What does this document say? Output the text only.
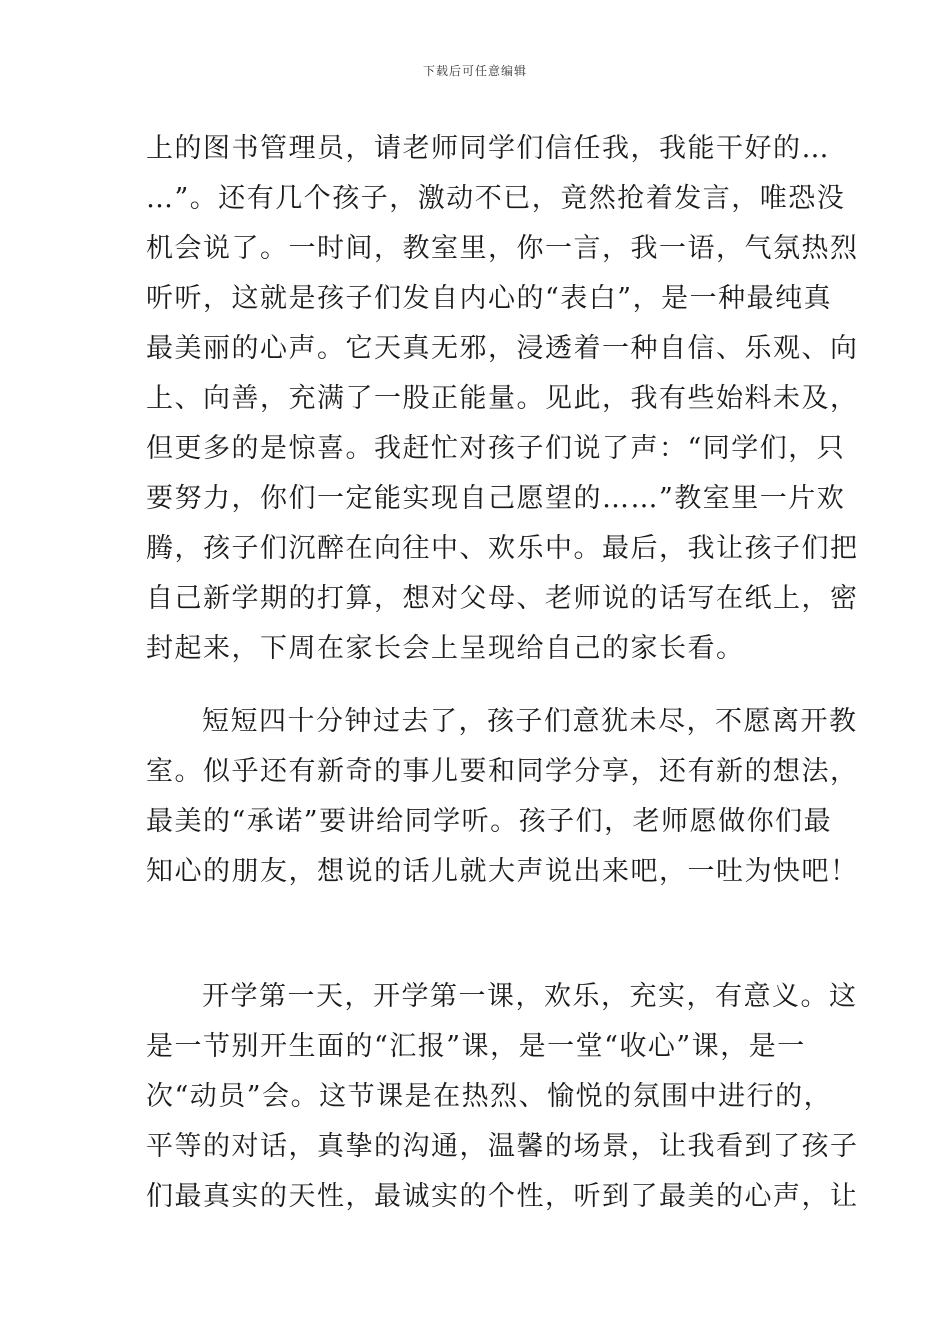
下载后可任意编辑
上的图书管理员，请老师同学们信任我，我能干好的…
…”。还有几个孩子，激动不已，竟然抢着发言，唯恐没
机会说了。一时间，教室里，你一言，我一语，气氛热烈
听听，这就是孩子们发自内心的“表白”，是一种最纯真
最美丽的心声。它天真无邪，浸透着一种自信、乐观、向
上、向善，充满了一股正能量。见此，我有些始料未及，
但更多的是惊喜。我赶忙对孩子们说了声：“同学们，只
要努力，你们一定能实现自己愿望的……”教室里一片欢
腾，孩子们沉醉在向往中、欢乐中。最后，我让孩子们把
自己新学期的打算，想对父母、老师说的话写在纸上，密
封起来，下周在家长会上呈现给自己的家长看。
短短四十分钟过去了，孩子们意犹未尽，不愿离开教
室。似乎还有新奇的事儿要和同学分享，还有新的想法，
最美的“承诺”要讲给同学听。孩子们，老师愿做你们最
知心的朋友，想说的话儿就大声说出来吧，一吐为快吧！
开学第一天，开学第一课，欢乐，充实，有意义。这
是一节别开生面的“汇报”课，是一堂“收心”课，是一
次“动员”会。这节课是在热烈、愉悦的氛围中进行的，
平等的对话，真挚的沟通，温馨的场景，让我看到了孩子
们最真实的天性，最诚实的个性，听到了最美的心声，让
